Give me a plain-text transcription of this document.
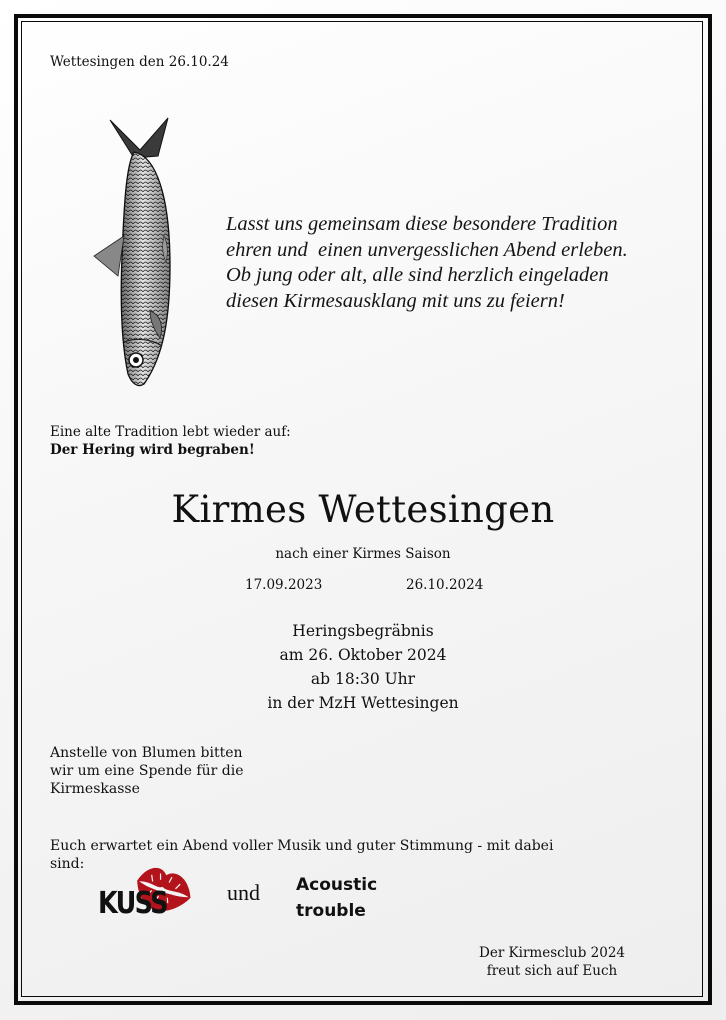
Wettesingen den 26.10.24
Lasst uns gemeinsam diese besondere Tradition
ehren und  einen unvergesslichen Abend erleben.
Ob jung oder alt, alle sind herzlich eingeladen
diesen Kirmesausklang mit uns zu feiern!
Eine alte Tradition lebt wieder auf:
Der Hering wird begraben!
Kirmes Wettesingen
nach einer Kirmes Saison
17.09.2023	26.10.2024
Heringsbegräbnis
am 26. Oktober 2024
ab 18:30 Uhr
in der MzH Wettesingen
Anstelle von Blumen bitten
wir um eine Spende für die
Kirmeskasse
Euch erwartet ein Abend voller Musik und guter Stimmung - mit dabei
sind:
KUSS	und Acoustic
trouble
Der Kirmesclub 2024
freut sich auf Euch
